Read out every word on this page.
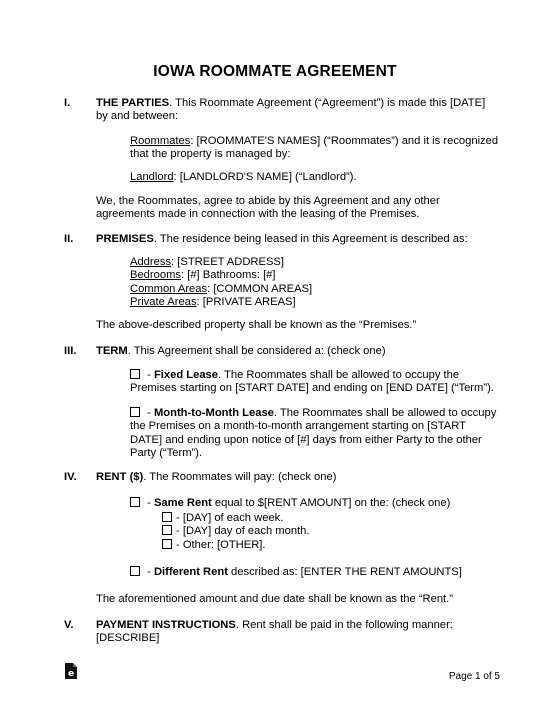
IOWA ROOMMATE AGREEMENT
I. THE PARTIES. This Roommate Agreement (“Agreement”) is made this [DATE] by and between:
Roommates: [ROOMMATE'S NAMES] (“Roommates”) and it is recognized that the property is managed by:
Landlord: [LANDLORD'S NAME] (“Landlord”).
We, the Roommates, agree to abide by this Agreement and any other agreements made in connection with the leasing of the Premises.
II. PREMISES. The residence being leased in this Agreement is described as:
Address: [STREET ADDRESS]
Bedrooms: [#] Bathrooms: [#]
Common Areas: [COMMON AREAS]
Private Areas: [PRIVATE AREAS]
The above-described property shall be known as the “Premises.”
III. TERM. This Agreement shall be considered a: (check one)
- Fixed Lease. The Roommates shall be allowed to occupy the Premises starting on [START DATE] and ending on [END DATE] (“Term”).
- Month-to-Month Lease. The Roommates shall be allowed to occupy the Premises on a month-to-month arrangement starting on [START DATE] and ending upon notice of [#] days from either Party to the other Party (“Term”).
IV. RENT ($). The Roommates will pay: (check one)
- Same Rent equal to $[RENT AMOUNT] on the: (check one)
- [DAY] of each week.
- [DAY] day of each month.
- Other: [OTHER].
- Different Rent described as: [ENTER THE RENT AMOUNTS]
The aforementioned amount and due date shall be known as the “Rent.”
V. PAYMENT INSTRUCTIONS. Rent shall be paid in the following manner: [DESCRIBE]
e	Page 1 of 5
